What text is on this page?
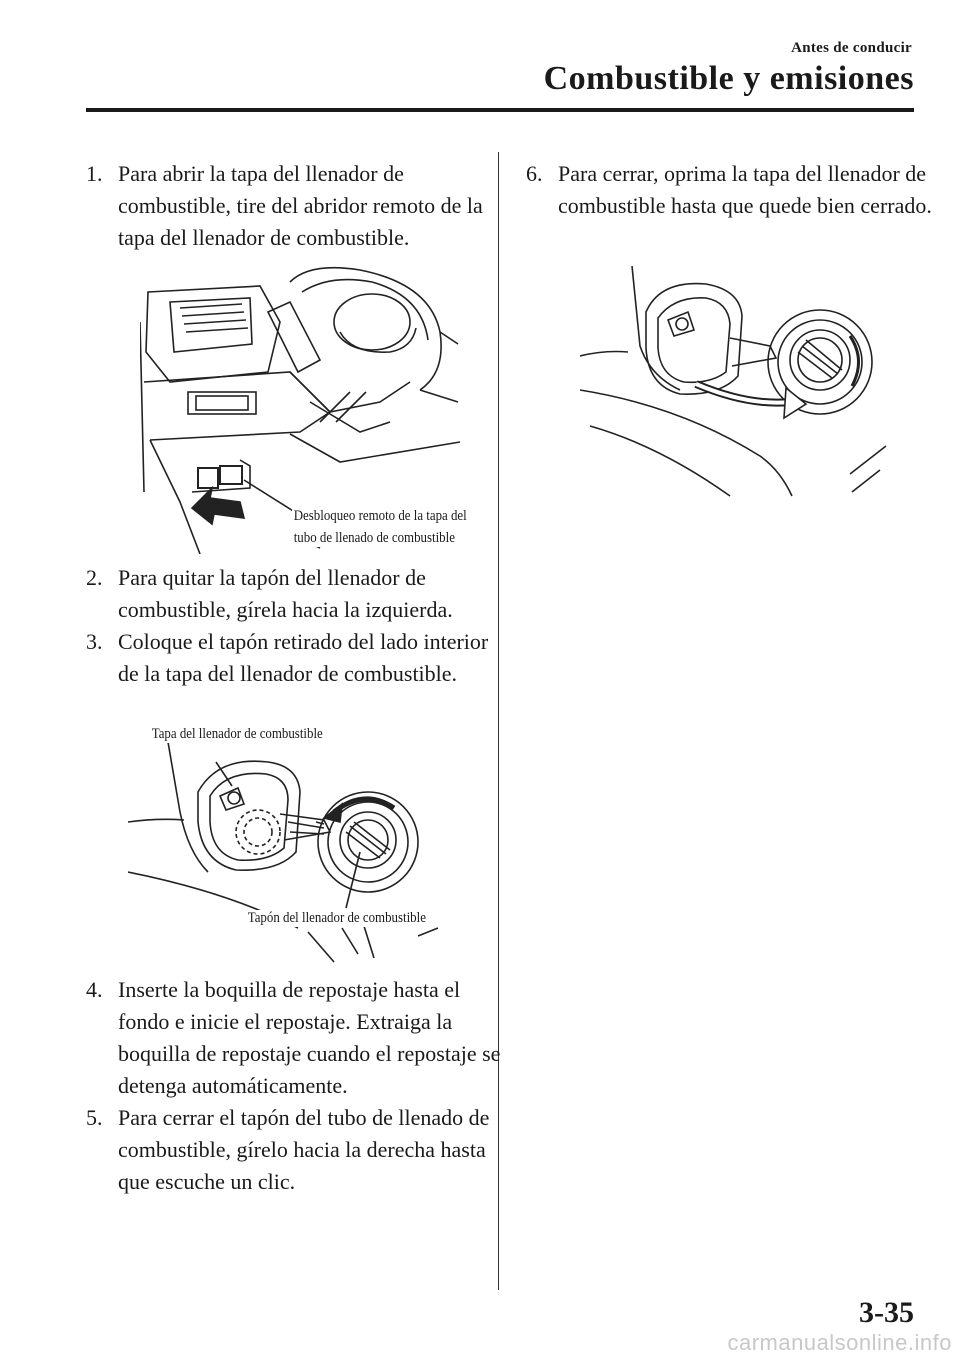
Antes de conducir
Combustible y emisiones
1. Para abrir la tapa del llenador de combustible, tire del abridor remoto de la tapa del llenador de combustible.
Desbloqueo remoto de la tapa del
tubo de llenado de combustible
2. Para quitar la tapón del llenador de combustible, gírela hacia la izquierda.
3. Coloque el tapón retirado del lado interior de la tapa del llenador de combustible.
Tapa del llenador de combustible
Tapón del llenador de combustible
4. Inserte la boquilla de repostaje hasta el fondo e inicie el repostaje. Extraiga la boquilla de repostaje cuando el repostaje se detenga automáticamente.
5. Para cerrar el tapón del tubo de llenado de combustible, gírelo hacia la derecha hasta que escuche un clic.
6. Para cerrar, oprima la tapa del llenador de combustible hasta que quede bien cerrado.
3-35
carmanualsonline.info
